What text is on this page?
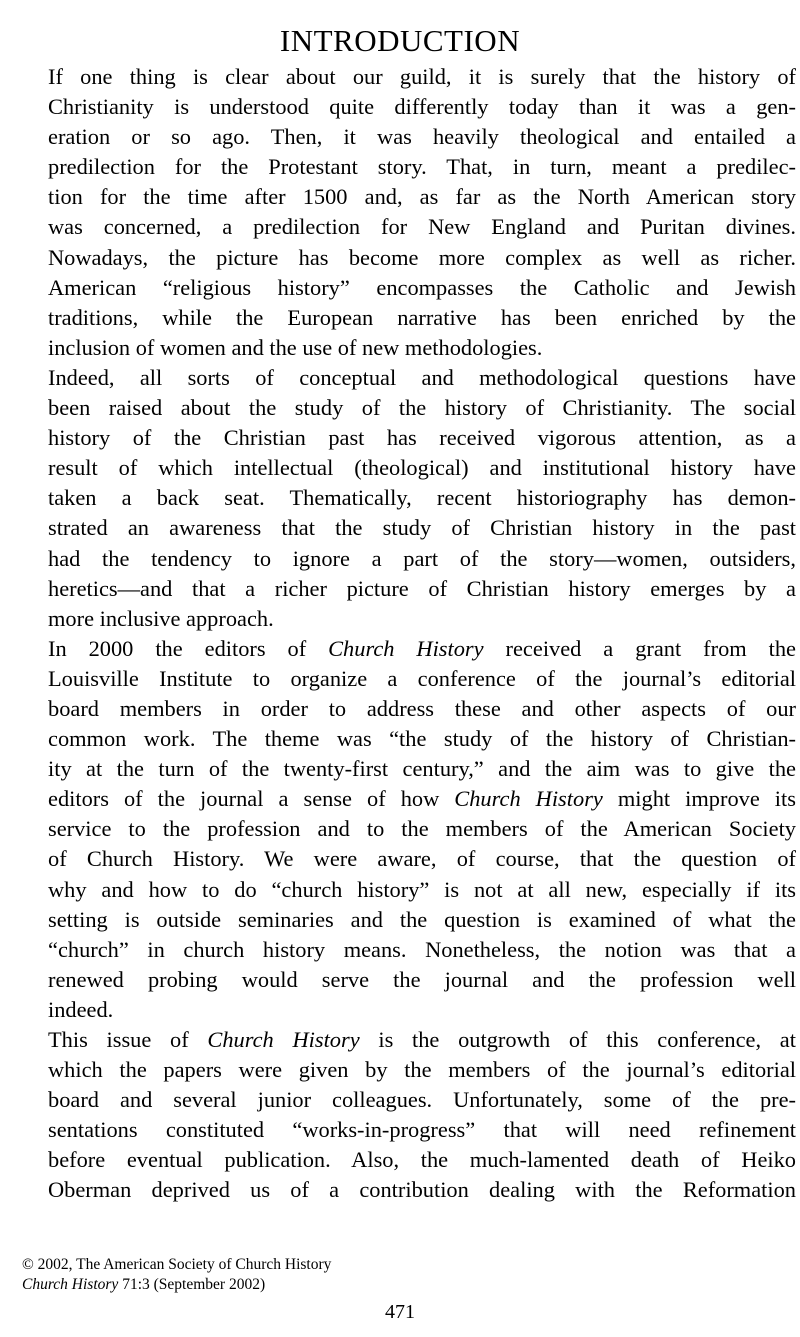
INTRODUCTION

If one thing is clear about our guild, it is surely that the history of
Christianity is understood quite differently today than it was a gen-
eration or so ago. Then, it was heavily theological and entailed a
predilection for the Protestant story. That, in turn, meant a predilec-
tion for the time after 1500 and, as far as the North American story
was concerned, a predilection for New England and Puritan divines.
Nowadays, the picture has become more complex as well as richer.
American “religious history” encompasses the Catholic and Jewish
traditions, while the European narrative has been enriched by the
inclusion of women and the use of new methodologies.

Indeed, all sorts of conceptual and methodological questions have
been raised about the study of the history of Christianity. The social
history of the Christian past has received vigorous attention, as a
result of which intellectual (theological) and institutional history have
taken a back seat. Thematically, recent historiography has demon-
strated an awareness that the study of Christian history in the past
had the tendency to ignore a part of the story—women, outsiders,
heretics—and that a richer picture of Christian history emerges by a
more inclusive approach.

In 2000 the editors of Church History received a grant from the
Louisville Institute to organize a conference of the journal’s editorial
board members in order to address these and other aspects of our
common work. The theme was “the study of the history of Christian-
ity at the turn of the twenty-first century,” and the aim was to give the
editors of the journal a sense of how Church History might improve its
service to the profession and to the members of the American Society
of Church History. We were aware, of course, that the question of
why and how to do “church history” is not at all new, especially if its
setting is outside seminaries and the question is examined of what the
“church” in church history means. Nonetheless, the notion was that a
renewed probing would serve the journal and the profession well
indeed.

This issue of Church History is the outgrowth of this conference, at
which the papers were given by the members of the journal’s editorial
board and several junior colleagues. Unfortunately, some of the pre-
sentations constituted “works-in-progress” that will need refinement
before eventual publication. Also, the much-lamented death of Heiko
Oberman deprived us of a contribution dealing with the Reformation

© 2002, The American Society of Church History
Church History 71:3 (September 2002)
471
